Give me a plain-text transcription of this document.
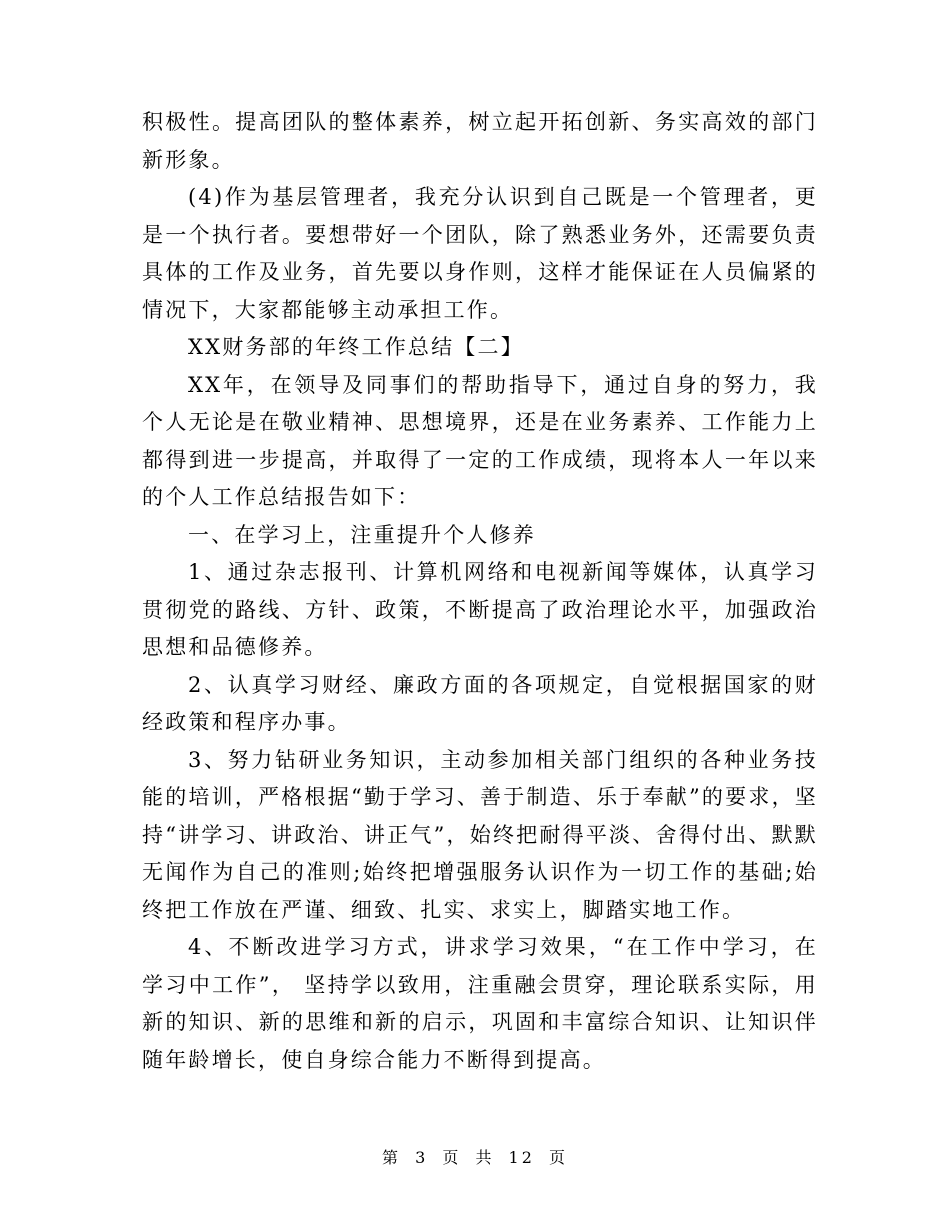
积极性。提高团队的整体素养，树立起开拓创新、务实高效的部门新形象。

(4)作为基层管理者，我充分认识到自己既是一个管理者，更是一个执行者。要想带好一个团队，除了熟悉业务外，还需要负责具体的工作及业务，首先要以身作则，这样才能保证在人员偏紧的情况下，大家都能够主动承担工作。

XX财务部的年终工作总结【二】

XX年，在领导及同事们的帮助指导下，通过自身的努力，我个人无论是在敬业精神、思想境界，还是在业务素养、工作能力上都得到进一步提高，并取得了一定的工作成绩，现将本人一年以来的个人工作总结报告如下：

一、在学习上，注重提升个人修养

1、通过杂志报刊、计算机网络和电视新闻等媒体，认真学习贯彻党的路线、方针、政策，不断提高了政治理论水平，加强政治思想和品德修养。

2、认真学习财经、廉政方面的各项规定，自觉根据国家的财经政策和程序办事。

3、努力钻研业务知识，主动参加相关部门组织的各种业务技能的培训，严格根据“勤于学习、善于制造、乐于奉献”的要求，坚持“讲学习、讲政治、讲正气”，始终把耐得平淡、舍得付出、默默无闻作为自己的准则;始终把增强服务认识作为一切工作的基础;始终把工作放在严谨、细致、扎实、求实上，脚踏实地工作。

4、不断改进学习方式，讲求学习效果，“在工作中学习，在学习中工作”， 坚持学以致用，注重融会贯穿，理论联系实际，用新的知识、新的思维和新的启示，巩固和丰富综合知识、让知识伴随年龄增长，使自身综合能力不断得到提高。

第 3 页 共 12 页
